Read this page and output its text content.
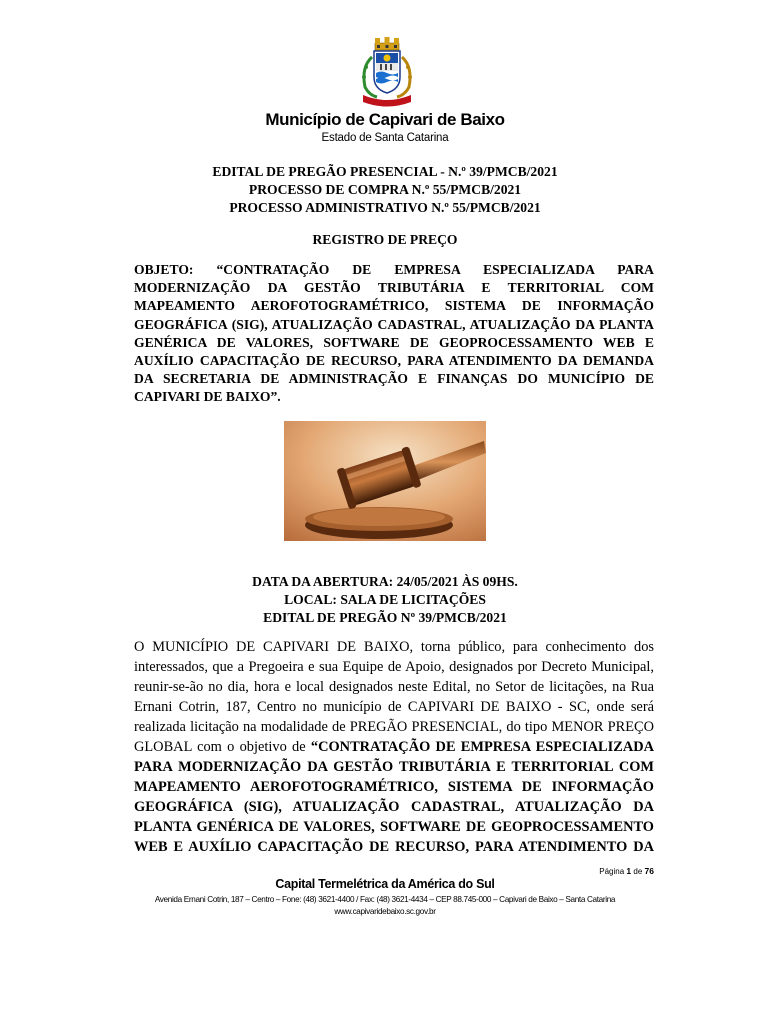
Município de Capivari de Baixo
Estado de Santa Catarina
EDITAL DE PREGÃO PRESENCIAL - N.º 39/PMCB/2021
PROCESSO DE COMPRA N.º 55/PMCB/2021
PROCESSO ADMINISTRATIVO N.º 55/PMCB/2021
REGISTRO DE PREÇO
OBJETO: “CONTRATAÇÃO DE EMPRESA ESPECIALIZADA PARA MODERNIZAÇÃO DA GESTÃO TRIBUTÁRIA E TERRITORIAL COM MAPEAMENTO AEROFOTOGRAMÉTRICO, SISTEMA DE INFORMAÇÃO GEOGRÁFICA (SIG), ATUALIZAÇÃO CADASTRAL, ATUALIZAÇÃO DA PLANTA GENÉRICA DE VALORES, SOFTWARE DE GEOPROCESSAMENTO WEB E AUXÍLIO CAPACITAÇÃO DE RECURSO, PARA ATENDIMENTO DA DEMANDA DA SECRETARIA DE ADMINISTRAÇÃO E FINANÇAS DO MUNICÍPIO DE CAPIVARI DE BAIXO”.
DATA DA ABERTURA: 24/05/2021 ÀS 09HS.
LOCAL: SALA DE LICITAÇÕES
EDITAL DE PREGÃO Nº 39/PMCB/2021
O MUNICÍPIO DE CAPIVARI DE BAIXO, torna público, para conhecimento dos interessados, que a Pregoeira e sua Equipe de Apoio, designados por Decreto Municipal, reunir-se-ão no dia, hora e local designados neste Edital, no Setor de licitações, na Rua Ernani Cotrin, 187, Centro no município de CAPIVARI DE BAIXO - SC, onde será realizada licitação na modalidade de PREGÃO PRESENCIAL, do tipo MENOR PREÇO GLOBAL com o objetivo de “CONTRATAÇÃO DE EMPRESA ESPECIALIZADA PARA MODERNIZAÇÃO DA GESTÃO TRIBUTÁRIA E TERRITORIAL COM MAPEAMENTO AEROFOTOGRAMÉTRICO, SISTEMA DE INFORMAÇÃO GEOGRÁFICA (SIG), ATUALIZAÇÃO CADASTRAL, ATUALIZAÇÃO DA PLANTA GENÉRICA DE VALORES, SOFTWARE DE GEOPROCESSAMENTO WEB E AUXÍLIO CAPACITAÇÃO DE RECURSO, PARA ATENDIMENTO DA
Página 1 de 76
Capital Termelétrica da América do Sul
Avenida Ernani Cotrin, 187 – Centro – Fone: (48) 3621-4400 / Fax: (48) 3621-4434 – CEP 88.745-000 – Capivari de Baixo – Santa Catarina
www.capivaridebaixo.sc.gov.br
